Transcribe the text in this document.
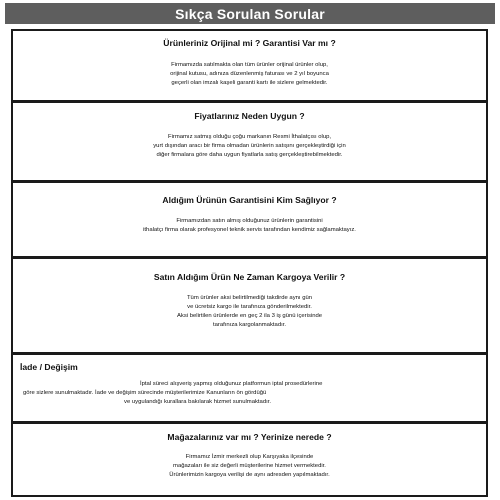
Sıkça Sorulan Sorular
Ürünleriniz Orijinal mi ? Garantisi Var mı ?
Firmamızda satılmakta olan tüm ürünler orijinal ürünler olup,
orijinal kutusu, adınıza düzenlenmiş faturası ve 2 yıl boyunca
geçerli olan imzalı kaşeli garanti kartı ile sizlere gelmektedir.
Fiyatlarınız Neden Uygun ?
Firmamız satmış olduğu çoğu markanın Resmi İthalatçısı olup,
yurt dışından aracı bir firma olmadan ürünlerin satışını gerçekleştirdiği için
diğer firmalara göre daha uygun fiyatlarla satış gerçekleştirebilmektedir.
Aldığım Ürünün Garantisini Kim Sağlıyor ?
Firmamızdan satın almış olduğunuz ürünlerin garantisini
ithalatçı firma olarak profesyonel teknik servis tarafından kendimiz sağlamaktayız.
Satın Aldığım Ürün Ne Zaman Kargoya Verilir ?
Tüm ürünler aksi belirtilmediği takdirde aynı gün
ve ücretsiz kargo ile tarafınıza gönderilmektedir.
Aksi belirtilen ürünlerde en geç 2 ila 3 iş günü içerisinde
tarafınıza kargolanmaktadır.
İade / Değişim
İptal süreci alışveriş yapmış olduğunuz platformun iptal prosedürlerine
göre sizlere sunulmaktadır. İade ve değişim sürecinde müşterilerimize Kanunların ön gördüğü
ve uygulandığı kurallara bakılarak hizmet sunulmaktadır.
Mağazalarınız var mı ? Yerinize nerede ?
Firmamız İzmir merkezli olup Karşıyaka ilçesinde
mağazaları ile siz değerli müşterilerine hizmet vermektedir.
Ürünlerimizin kargoya verilişi de aynı adresden yapılmaktadır.
